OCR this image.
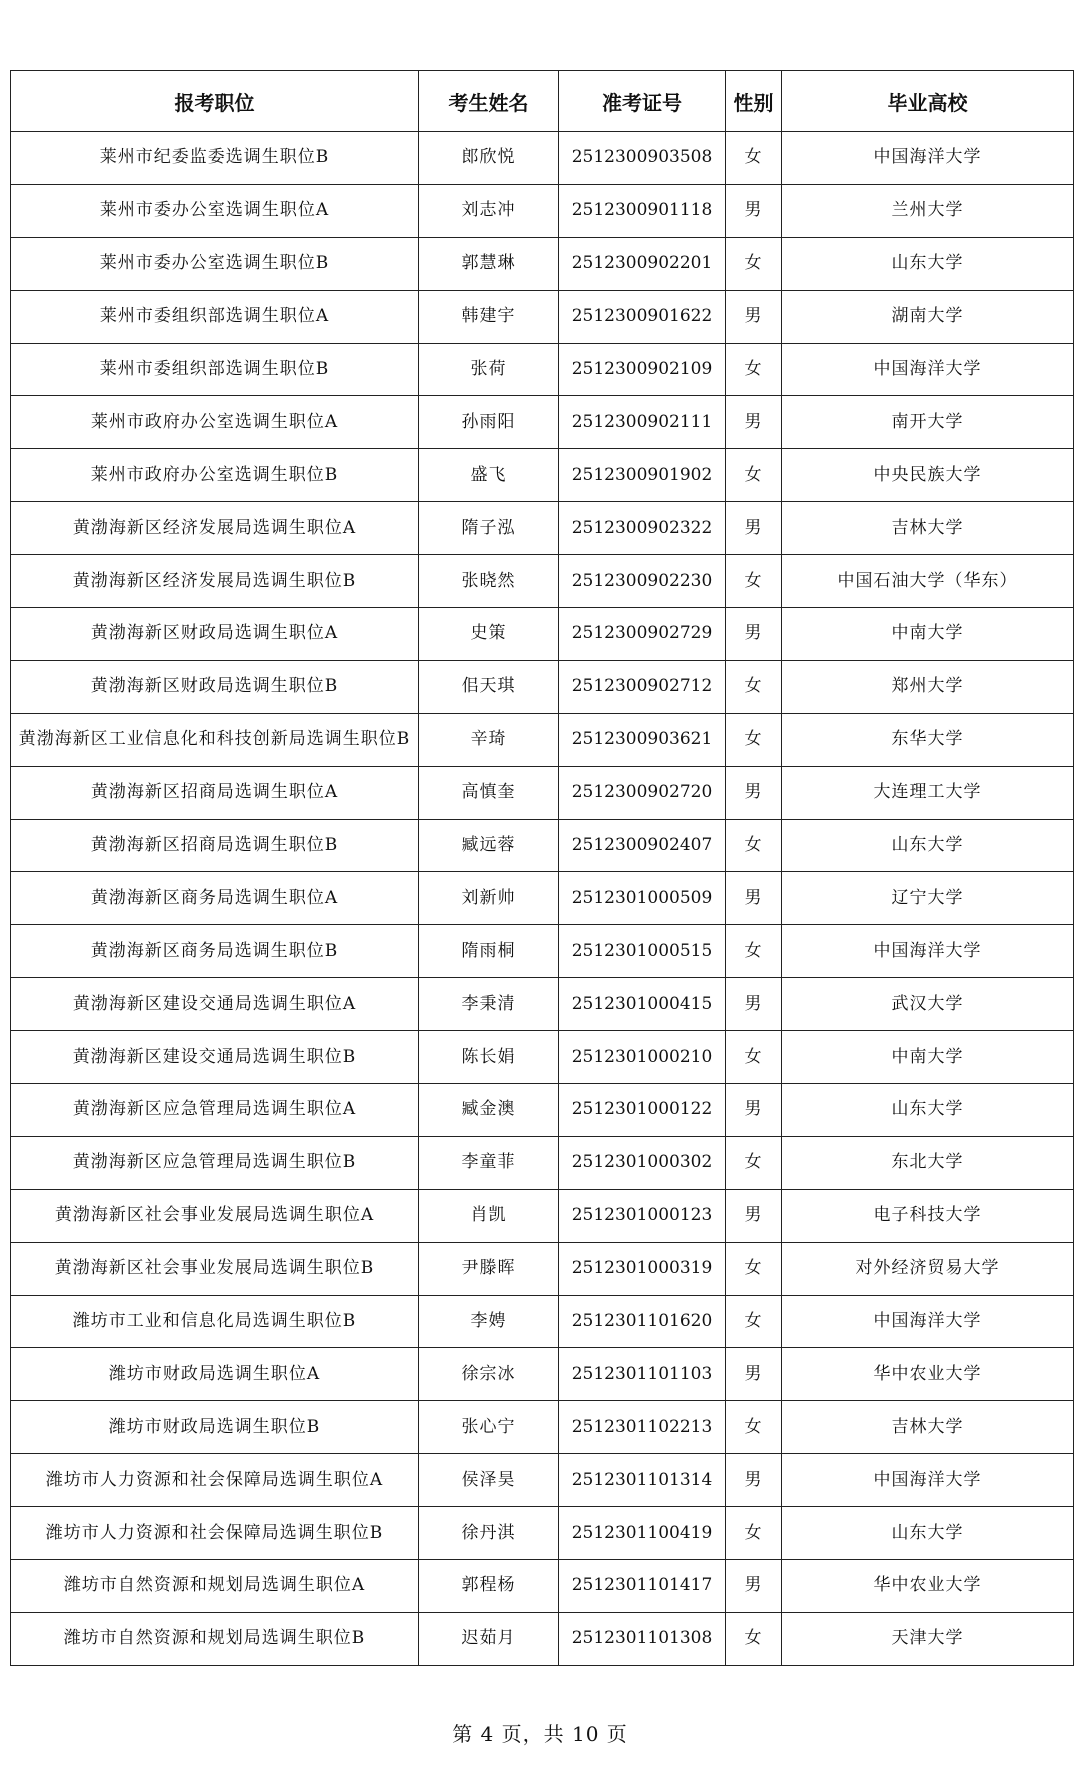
报考职位	考生姓名	准考证号	性别	毕业高校
莱州市纪委监委选调生职位B	郎欣悦	2512300903508	女	中国海洋大学
莱州市委办公室选调生职位A	刘志冲	2512300901118	男	兰州大学
莱州市委办公室选调生职位B	郭慧琳	2512300902201	女	山东大学
莱州市委组织部选调生职位A	韩建宇	2512300901622	男	湖南大学
莱州市委组织部选调生职位B	张荷	2512300902109	女	中国海洋大学
莱州市政府办公室选调生职位A	孙雨阳	2512300902111	男	南开大学
莱州市政府办公室选调生职位B	盛飞	2512300901902	女	中央民族大学
黄渤海新区经济发展局选调生职位A	隋子泓	2512300902322	男	吉林大学
黄渤海新区经济发展局选调生职位B	张晓然	2512300902230	女	中国石油大学（华东）
黄渤海新区财政局选调生职位A	史策	2512300902729	男	中南大学
黄渤海新区财政局选调生职位B	佀天琪	2512300902712	女	郑州大学
黄渤海新区工业信息化和科技创新局选调生职位B	辛琦	2512300903621	女	东华大学
黄渤海新区招商局选调生职位A	高慎奎	2512300902720	男	大连理工大学
黄渤海新区招商局选调生职位B	臧远蓉	2512300902407	女	山东大学
黄渤海新区商务局选调生职位A	刘新帅	2512301000509	男	辽宁大学
黄渤海新区商务局选调生职位B	隋雨桐	2512301000515	女	中国海洋大学
黄渤海新区建设交通局选调生职位A	李秉清	2512301000415	男	武汉大学
黄渤海新区建设交通局选调生职位B	陈长娟	2512301000210	女	中南大学
黄渤海新区应急管理局选调生职位A	臧金澳	2512301000122	男	山东大学
黄渤海新区应急管理局选调生职位B	李童菲	2512301000302	女	东北大学
黄渤海新区社会事业发展局选调生职位A	肖凯	2512301000123	男	电子科技大学
黄渤海新区社会事业发展局选调生职位B	尹滕晖	2512301000319	女	对外经济贸易大学
潍坊市工业和信息化局选调生职位B	李娉	2512301101620	女	中国海洋大学
潍坊市财政局选调生职位A	徐宗冰	2512301101103	男	华中农业大学
潍坊市财政局选调生职位B	张心宁	2512301102213	女	吉林大学
潍坊市人力资源和社会保障局选调生职位A	侯泽昊	2512301101314	男	中国海洋大学
潍坊市人力资源和社会保障局选调生职位B	徐丹淇	2512301100419	女	山东大学
潍坊市自然资源和规划局选调生职位A	郭程杨	2512301101417	男	华中农业大学
潍坊市自然资源和规划局选调生职位B	迟茹月	2512301101308	女	天津大学
第 4 页，共 10 页
